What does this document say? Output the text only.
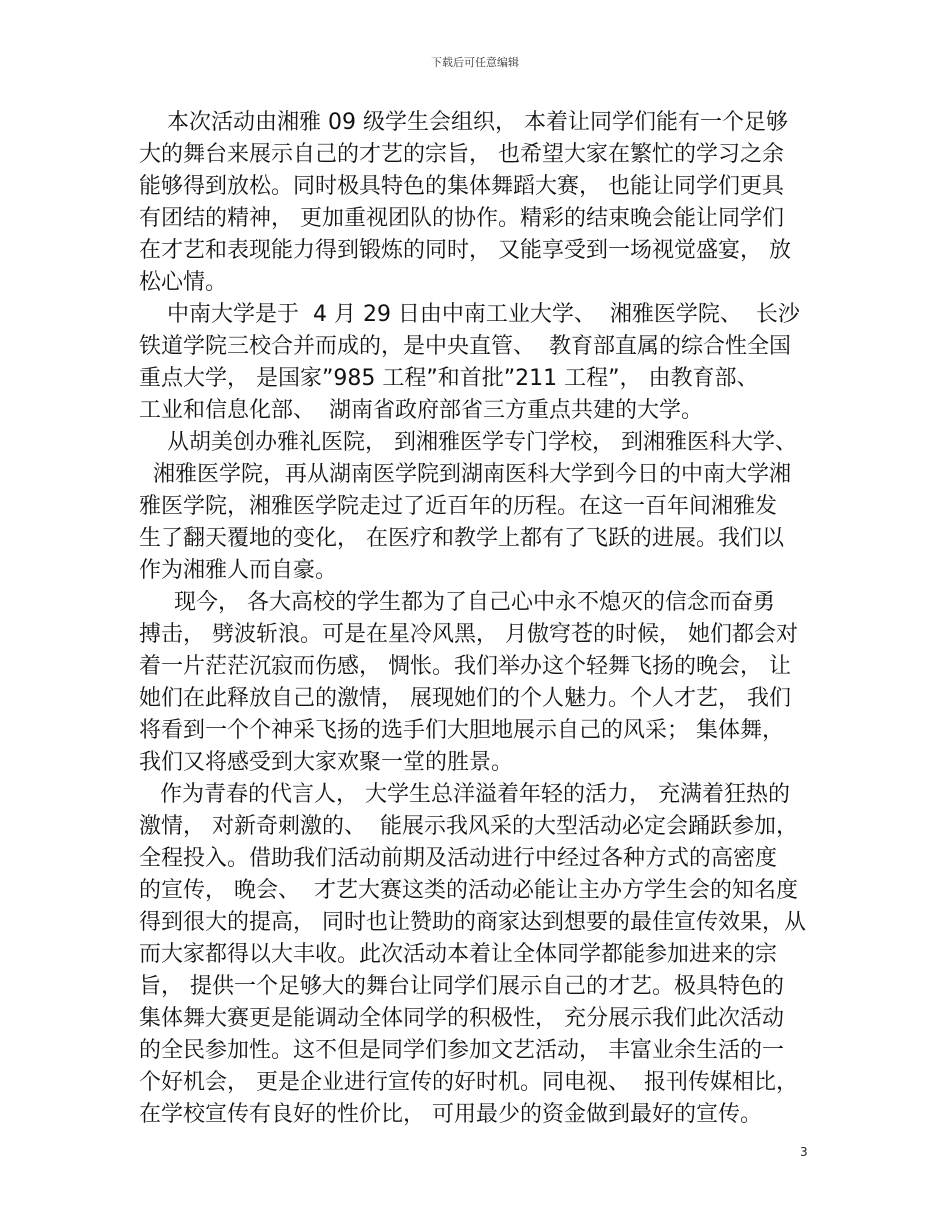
下载后可任意编辑
本次活动由湘雅 09 级学生会组织， 本着让同学们能有一个足够
大的舞台来展示自己的才艺的宗旨， 也希望大家在繁忙的学习之余
能够得到放松。同时极具特色的集体舞蹈大赛， 也能让同学们更具
有团结的精神， 更加重视团队的协作。精彩的结束晚会能让同学们
在才艺和表现能力得到锻炼的同时， 又能享受到一场视觉盛宴， 放
松心情。
中南大学是于  4 月 29 日由中南工业大学、  湘雅医学院、  长沙
铁道学院三校合并而成的，是中央直管、  教育部直属的综合性全国
重点大学， 是国家”985 工程”和首批”211 工程”， 由教育部、
工业和信息化部、  湖南省政府部省三方重点共建的大学。
从胡美创办雅礼医院， 到湘雅医学专门学校， 到湘雅医科大学、
湘雅医学院，再从湖南医学院到湖南医科大学到今日的中南大学湘
雅医学院，湘雅医学院走过了近百年的历程。在这一百年间湘雅发
生了翻天覆地的变化， 在医疗和教学上都有了飞跃的进展。我们以
作为湘雅人而自豪。
现今， 各大高校的学生都为了自己心中永不熄灭的信念而奋勇
搏击， 劈波斩浪。可是在星冷风黑， 月傲穹苍的时候， 她们都会对
着一片茫茫沉寂而伤感， 惆怅。我们举办这个轻舞飞扬的晚会， 让
她们在此释放自己的激情， 展现她们的个人魅力。个人才艺， 我们
将看到一个个神采飞扬的选手们大胆地展示自己的风采； 集体舞，
我们又将感受到大家欢聚一堂的胜景。
作为青春的代言人， 大学生总洋溢着年轻的活力， 充满着狂热的
激情， 对新奇刺激的、  能展示我风采的大型活动必定会踊跃参加，
全程投入。借助我们活动前期及活动进行中经过各种方式的高密度
的宣传， 晚会、  才艺大赛这类的活动必能让主办方学生会的知名度
得到很大的提高， 同时也让赞助的商家达到想要的最佳宣传效果，从
而大家都得以大丰收。此次活动本着让全体同学都能参加进来的宗
旨， 提供一个足够大的舞台让同学们展示自己的才艺。极具特色的
集体舞大赛更是能调动全体同学的积极性， 充分展示我们此次活动
的全民参加性。这不但是同学们参加文艺活动， 丰富业余生活的一
个好机会， 更是企业进行宣传的好时机。同电视、  报刊传媒相比，
在学校宣传有良好的性价比， 可用最少的资金做到最好的宣传。
3
